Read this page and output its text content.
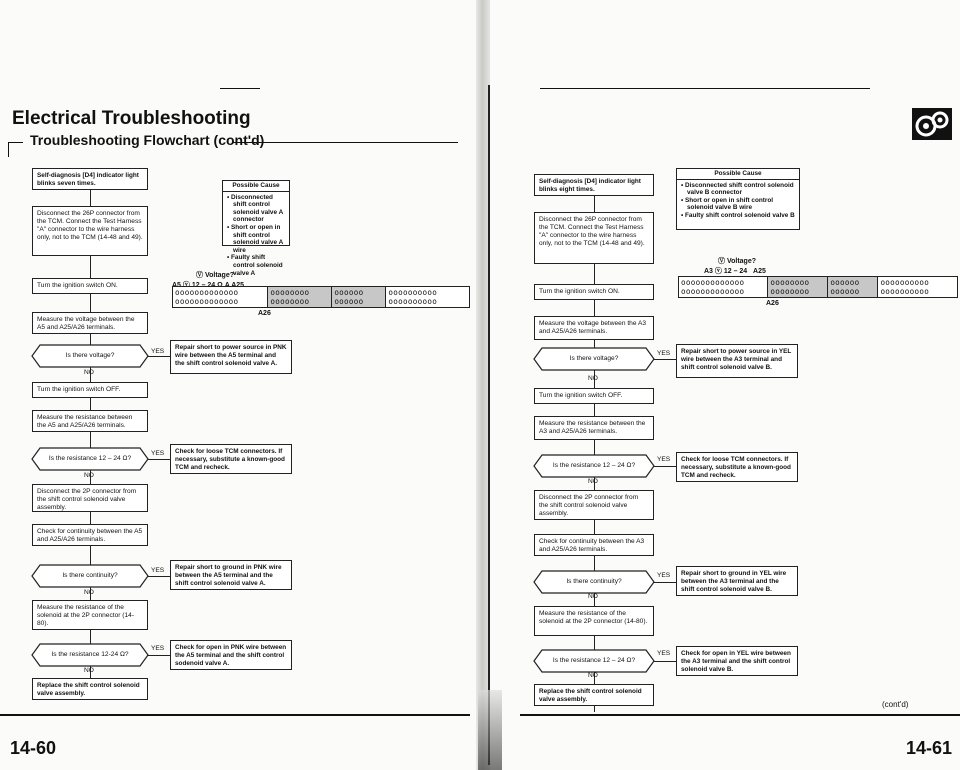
Electrical Troubleshooting
Troubleshooting Flowchart (cont'd)
Self-diagnosis [D4] indicator light blinks seven times.
Disconnect the 26P connector from the TCM. Connect the Test Harness "A" connector to the wire harness only, not to the TCM (14-48 and 49).
Turn the ignition switch ON.
Measure the voltage between the A5 and A25/A26 terminals.
Is there voltage?
YES
Repair short to power source in PNK wire between the A5 terminal and the shift control solenoid valve A.
NO
Turn the ignition switch OFF.
Measure the resistance between the A5 and A25/A26 terminals.
Is the resistance 12 – 24 Ω?
YES	Check for loose TCM connectors. If necessary, substitute a known-good TCM and recheck.
NO
Disconnect the 2P connector from the shift control solenoid valve assembly.
Check for continuity between the A5 and A25/A26 terminals.
Is there continuity?
YES	Repair short to ground in PNK wire between the A5 terminal and the shift control solenoid valve A.
NO
Measure the resistance of the solenoid at the 2P connector (14-80).
Is the resistance 12-24 Ω?
YES	Check for open in PNK wire between the A5 terminal and the shift control sodenoid valve A.
NO
Replace the shift control solenoid valve assembly.
Possible Cause
• Disconnected shift control solenoid valve A connector
• Short or open in shift control solenoid valve A wire
• Faulty shift control solenoid valve A
Ⓥ Voltage?
ooooooooooooo
ooooooooooooo
oooooooo
oooooooo
oooooo
oooooo
oooooooooo
oooooooooo
A26
Self-diagnosis [D4] indicator light blinks eight times.
Disconnect the 26P connector from the TCM. Connect the Test Harness "A" connector to the wire harness only, not to the TCM (14-48 and 49).
Turn the ignition switch ON.
Measure the voltage between the A3 and A25/A26 terminals.
Is there voltage?
YES	Repair short to power source in YEL wire between the A3 terminal and shift control solenoid valve B.
NO
Turn the ignition switch OFF.
Measure the resistance between the A3 and A25/A26 terminals.
Is the resistance 12 – 24 Ω?
YES	Check for loose TCM connectors. If necessary, substitute a known-good TCM and recheck.
NO
Disconnect the 2P connector from the shift control solenoid valve assembly.
Check for continuity between the A3 and A25/A26 terminals.
Is there continuity?
YES	Repair short to ground in YEL wire between the A3 terminal and the shift control solenoid valve B.
NO
Measure the resistance of the solenoid at the 2P connector (14-80).
Is the resistance 12 – 24 Ω?
YES	Check for open in YEL wire between the A3 terminal and the shift control solenoid valve B.
NO
Replace the shift control solenoid valve assembly.
Possible Cause
• Disconnected shift control solenoid valve B connector
• Short or open in shift control solenoid valve B wire
• Faulty shift control solenoid valve B
Ⓥ Voltage?
A3 ⓥ 12 – 24 A25
ooooooooooooo
ooooooooooooo
oooooooo
oooooooo
oooooo
oooooo
oooooooooo
oooooooooo
A26
14-60	14-61
(cont'd)
